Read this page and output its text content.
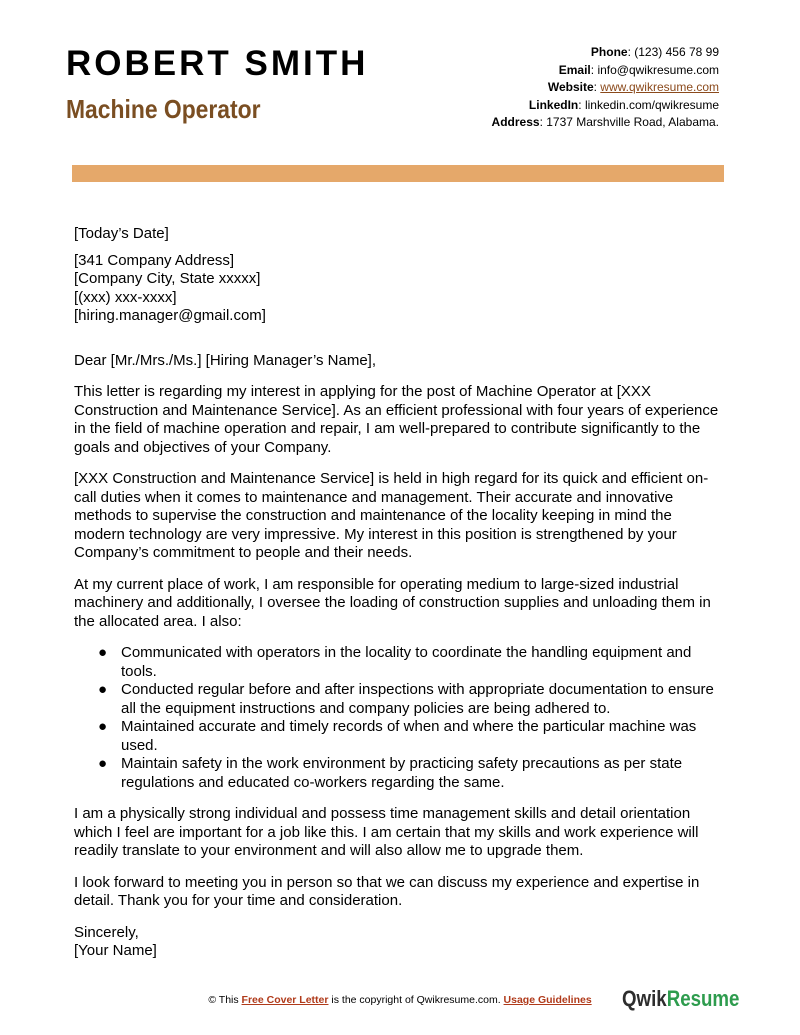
ROBERT SMITH
Machine Operator
Phone: (123) 456 78 99
Email: info@qwikresume.com
Website: www.qwikresume.com
LinkedIn: linkedin.com/qwikresume
Address: 1737 Marshville Road, Alabama.

[Today’s Date]

[341 Company Address]

[Company City, State xxxxx]

[(xxx) xxx-xxxx]

[hiring.manager@gmail.com]

Dear [Mr./Mrs./Ms.] [Hiring Manager’s Name],

This letter is regarding my interest in applying for the post of Machine Operator at [XXX Construction and Maintenance Service]. As an efficient professional with four years of experience in the field of machine operation and repair, I am well-prepared to contribute significantly to the goals and objectives of your Company.

[XXX Construction and Maintenance Service] is held in high regard for its quick and efficient on-call duties when it comes to maintenance and management. Their accurate and innovative methods to supervise the construction and maintenance of the locality keeping in mind the modern technology are very impressive. My interest in this position is strengthened by your Company’s commitment to people and their needs.

At my current place of work, I am responsible for operating medium to large-sized industrial machinery and additionally, I oversee the loading of construction supplies and unloading them in the allocated area. I also:

● Communicated with operators in the locality to coordinate the handling equipment and tools.
● Conducted regular before and after inspections with appropriate documentation to ensure all the equipment instructions and company policies are being adhered to.
● Maintained accurate and timely records of when and where the particular machine was used.
● Maintain safety in the work environment by practicing safety precautions as per state regulations and educated co-workers regarding the same.

I am a physically strong individual and possess time management skills and detail orientation which I feel are important for a job like this. I am certain that my skills and work experience will readily translate to your environment and will also allow me to upgrade them.

I look forward to meeting you in person so that we can discuss my experience and expertise in detail. Thank you for your time and consideration.

Sincerely,

[Your Name]

© This Free Cover Letter is the copyright of Qwikresume.com. Usage Guidelines	QwikResume
